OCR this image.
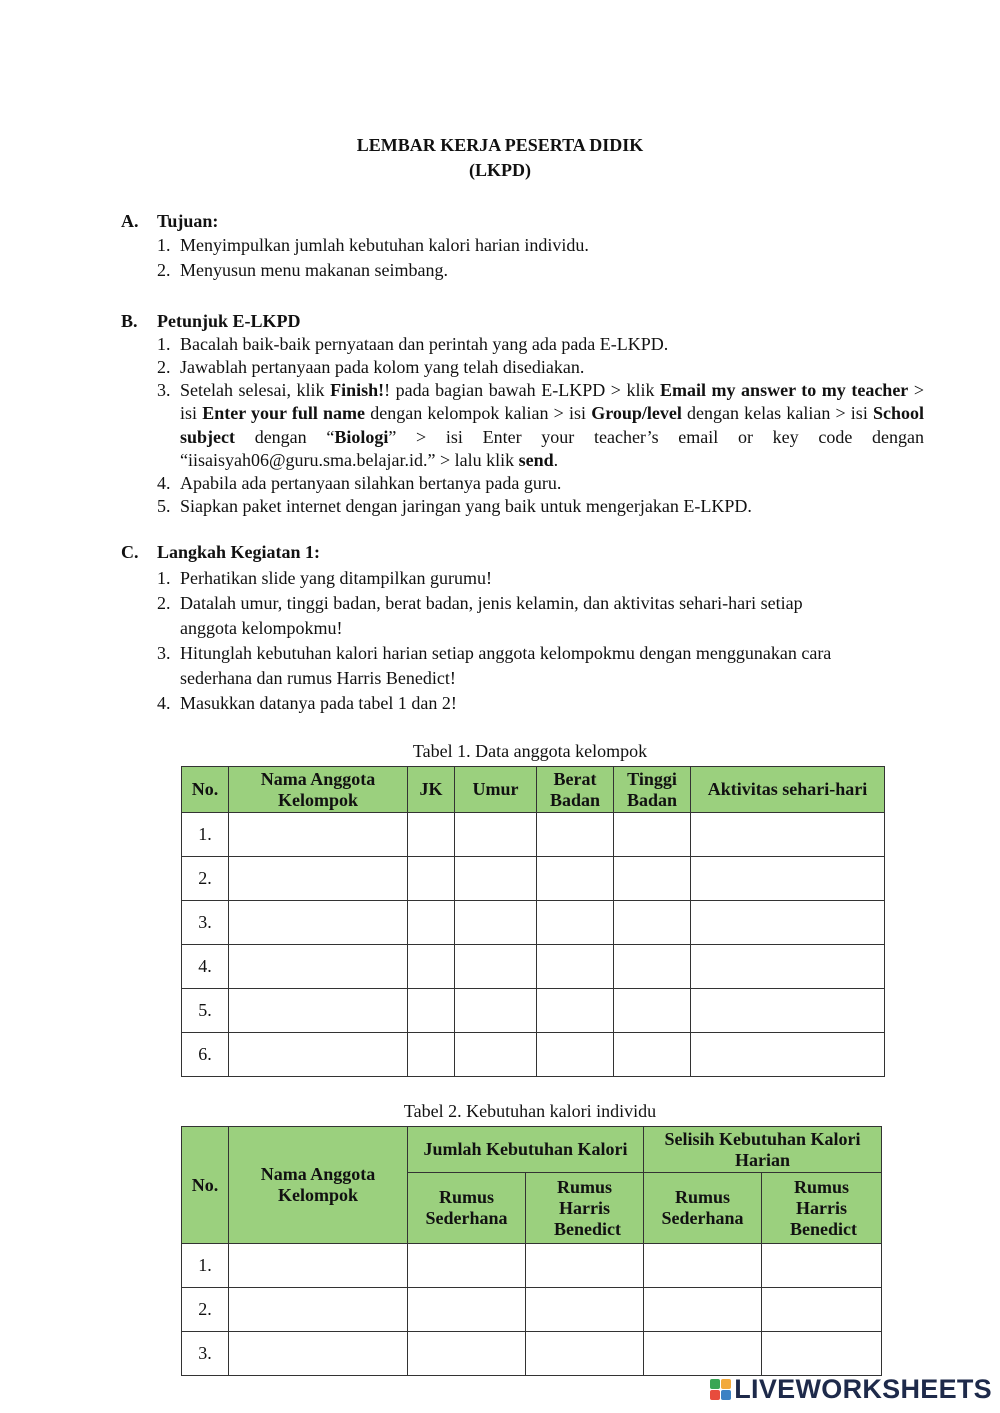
LEMBAR KERJA PESERTA DIDIK
(LKPD)
A. Tujuan:
1. Menyimpulkan jumlah kebutuhan kalori harian individu.
2. Menyusun menu makanan seimbang.
B. Petunjuk E-LKPD
1. Bacalah baik-baik pernyataan dan perintah yang ada pada E-LKPD.
2. Jawablah pertanyaan pada kolom yang telah disediakan.
3. Setelah selesai, klik Finish!! pada bagian bawah E-LKPD > klik Email my answer to my teacher > isi Enter your full name dengan kelompok kalian > isi Group/level dengan kelas kalian > isi School subject dengan “Biologi” > isi Enter your teacher’s email or key code dengan “iisaisyah06@guru.sma.belajar.id.” > lalu klik send.
4. Apabila ada pertanyaan silahkan bertanya pada guru.
5. Siapkan paket internet dengan jaringan yang baik untuk mengerjakan E-LKPD.
C. Langkah Kegiatan 1:
1. Perhatikan slide yang ditampilkan gurumu!
2. Datalah umur, tinggi badan, berat badan, jenis kelamin, dan aktivitas sehari-hari setiap anggota kelompokmu!
3. Hitunglah kebutuhan kalori harian setiap anggota kelompokmu dengan menggunakan cara sederhana dan rumus Harris Benedict!
4. Masukkan datanya pada tabel 1 dan 2!
Tabel 1. Data anggota kelompok
No.	Nama Anggota Kelompok	JK	Umur	Berat Badan	Tinggi Badan	Aktivitas sehari-hari
1.						
2.						
3.						
4.						
5.						
6.						
Tabel 2. Kebutuhan kalori individu
No.	Nama Anggota Kelompok	Jumlah Kebutuhan Kalori		Selisih Kebutuhan Kalori Harian	
		Rumus Sederhana	Rumus Harris Benedict	Rumus Sederhana	Rumus Harris Benedict
1.					
2.					
3.					
LIVEWORKSHEETS
